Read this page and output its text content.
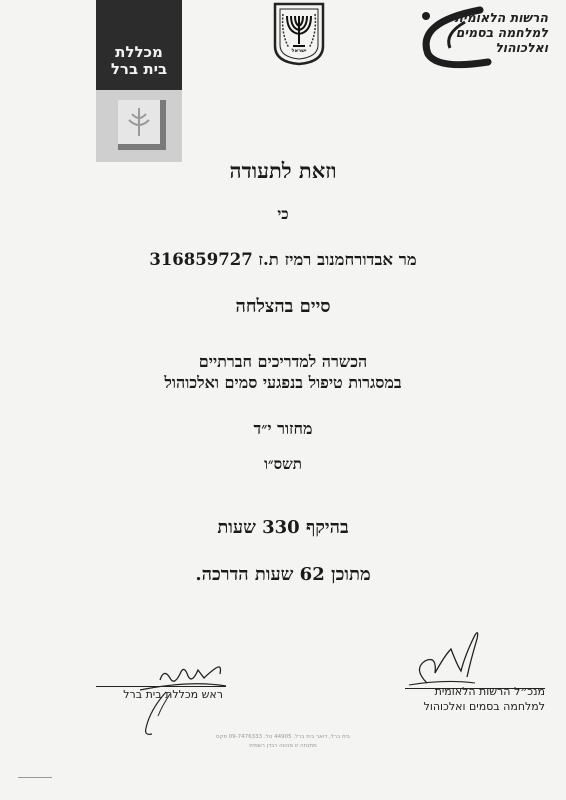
מכללת
בית ברל
ישראל
הרשות הלאומית
למלחמה בסמים
ואלכוהול
וזאת לתעודה
כי
מר אבדורחמנוב רמיז ת.ז 316859727
סיים בהצלחה
הכשרה למדריכים חברתיים
במסגרות טיפול בנפגעי סמים ואלכוהול
מחזור י״ד
תשס״ו
בהיקף 330 שעות
מתוכן 62 שעות הדרכה.
ראש מכללת בית ברל	מנכ״ל הרשות הלאומית
למלחמה בסמים ואלכוהול
בית ברל, דואר בית ברל, 44905 טל. 09-7476333 פקס
מתנחה זו מהווה רבדן רשמית
